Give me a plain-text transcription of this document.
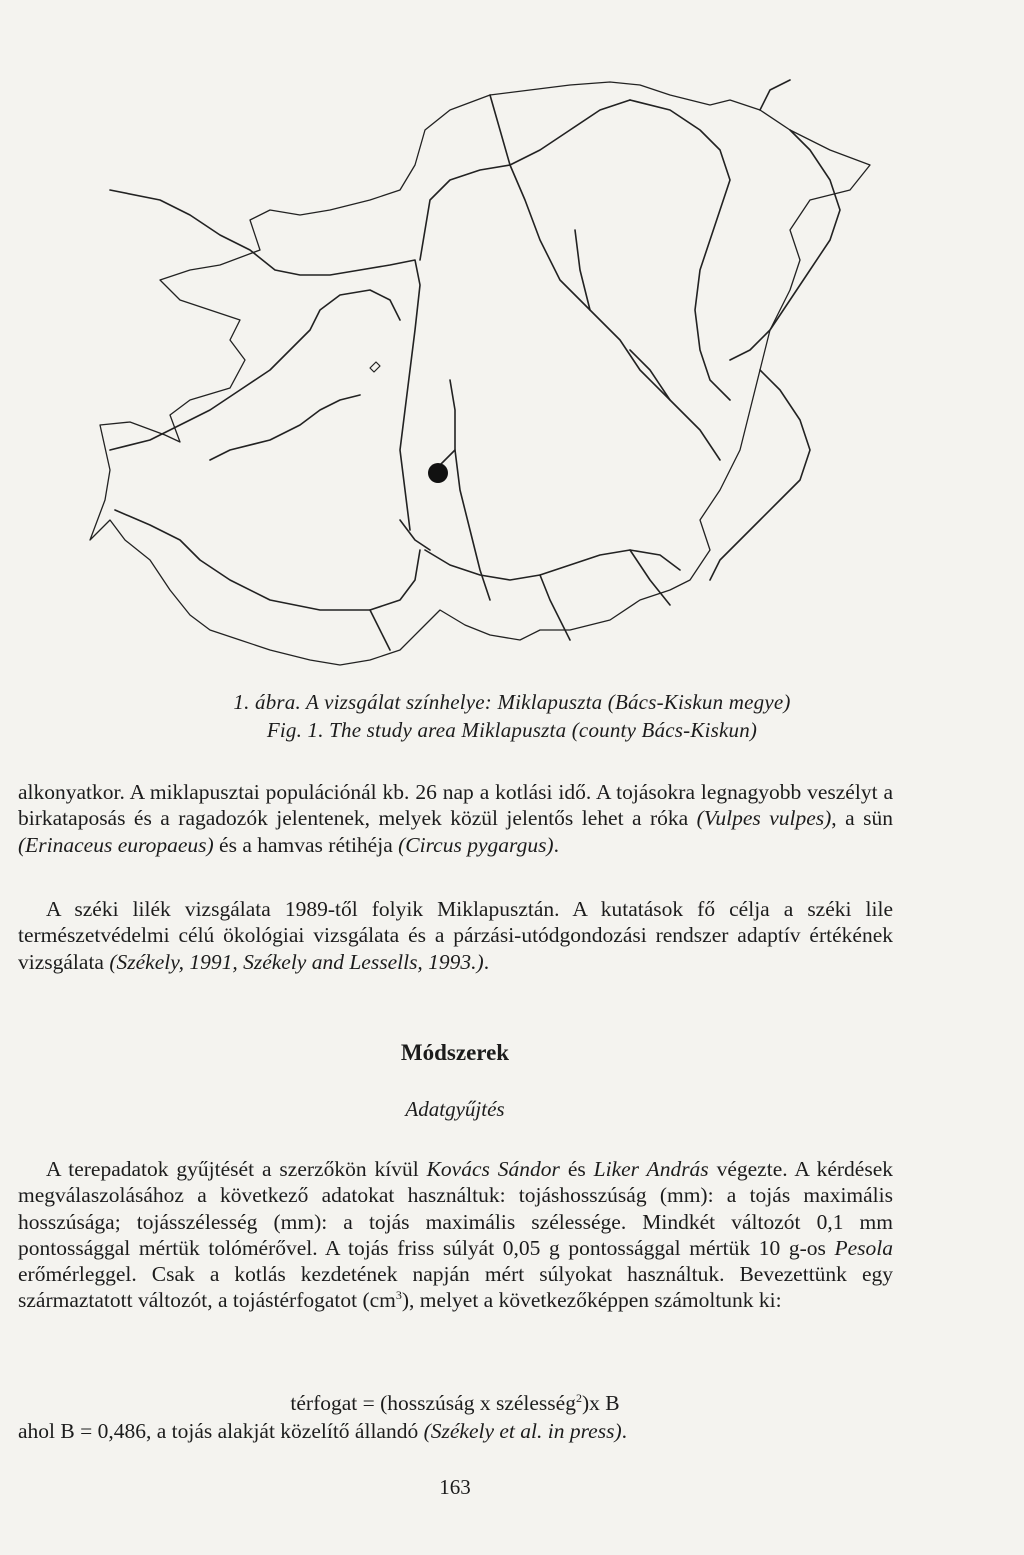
1. ábra. A vizsgálat színhelye: Miklapuszta (Bács-Kiskun megye)
Fig. 1. The study area Miklapuszta (county Bács-Kiskun)
alkonyatkor. A miklapusztai populációnál kb. 26 nap a kotlási idő. A tojásokra legnagyobb veszélyt a birkataposás és a ragadozók jelentenek, melyek közül jelentős lehet a róka (Vulpes vulpes), a sün (Erinaceus europaeus) és a hamvas rétihéja (Circus pygargus).
A széki lilék vizsgálata 1989-től folyik Miklapusztán. A kutatások fő célja a széki lile természetvédelmi célú ökológiai vizsgálata és a párzási-utódgondozási rendszer adaptív értékének vizsgálata (Székely, 1991, Székely and Lessells, 1993.).
Módszerek
Adatgyűjtés
A terepadatok gyűjtését a szerzőkön kívül Kovács Sándor és Liker András végezte. A kérdések megválaszolásához a következő adatokat használtuk: tojáshosszúság (mm): a tojás maximális hosszúsága; tojásszélesség (mm): a tojás maximális szélessége. Mindkét változót 0,1 mm pontossággal mértük tolómérővel. A tojás friss súlyát 0,05 g pontossággal mértük 10 g-os Pesola erőmérleggel. Csak a kotlás kezdetének napján mért súlyokat használtuk. Bevezettünk egy származtatott változót, a tojástérfogatot $(cm^3)$, melyet a következőképpen számoltunk ki:
térfogat = (hosszúság x szélesség$^2$)x B
ahol B = 0,486, a tojás alakját közelítő állandó (Székely et al. in press).
163
